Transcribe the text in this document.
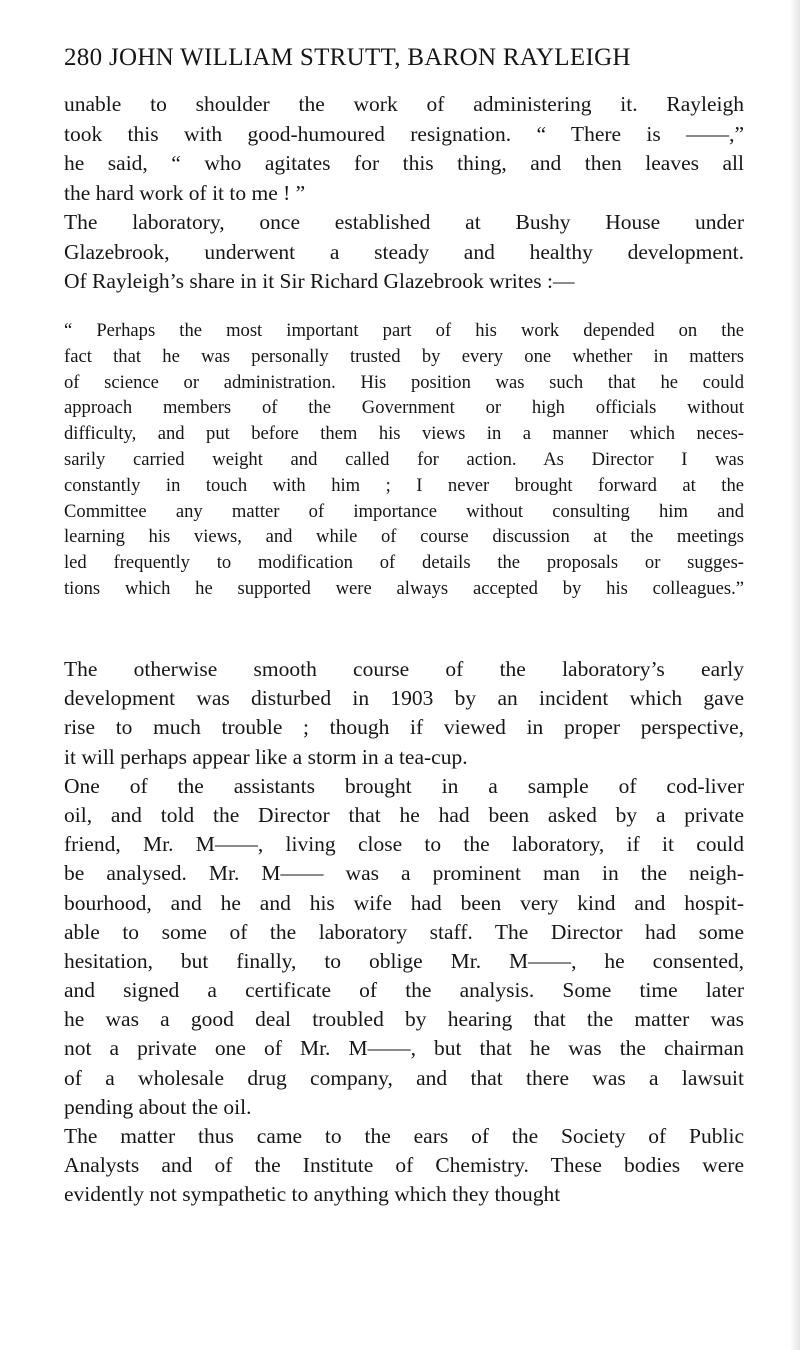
280 JOHN WILLIAM STRUTT, BARON RAYLEIGH
unable to shoulder the work of administering it. Rayleigh
took this with good-humoured resignation. “ There is ——,”
he said, “ who agitates for this thing, and then leaves all
the hard work of it to me ! ”
The laboratory, once established at Bushy House under
Glazebrook, underwent a steady and healthy development.
Of Rayleigh’s share in it Sir Richard Glazebrook writes :—
“ Perhaps the most important part of his work depended on the
fact that he was personally trusted by every one whether in matters
of science or administration. His position was such that he could
approach members of the Government or high officials without
difficulty, and put before them his views in a manner which neces-
sarily carried weight and called for action. As Director I was
constantly in touch with him ; I never brought forward at the
Committee any matter of importance without consulting him and
learning his views, and while of course discussion at the meetings
led frequently to modification of details the proposals or sugges-
tions which he supported were always accepted by his colleagues.”
The otherwise smooth course of the laboratory’s early
development was disturbed in 1903 by an incident which gave
rise to much trouble ; though if viewed in proper perspective,
it will perhaps appear like a storm in a tea-cup.
One of the assistants brought in a sample of cod-liver
oil, and told the Director that he had been asked by a private
friend, Mr. M——, living close to the laboratory, if it could
be analysed. Mr. M—— was a prominent man in the neigh-
bourhood, and he and his wife had been very kind and hospit-
able to some of the laboratory staff. The Director had some
hesitation, but finally, to oblige Mr. M——, he consented,
and signed a certificate of the analysis. Some time later
he was a good deal troubled by hearing that the matter was
not a private one of Mr. M——, but that he was the chairman
of a wholesale drug company, and that there was a lawsuit
pending about the oil.
The matter thus came to the ears of the Society of Public
Analysts and of the Institute of Chemistry. These bodies were
evidently not sympathetic to anything which they thought
